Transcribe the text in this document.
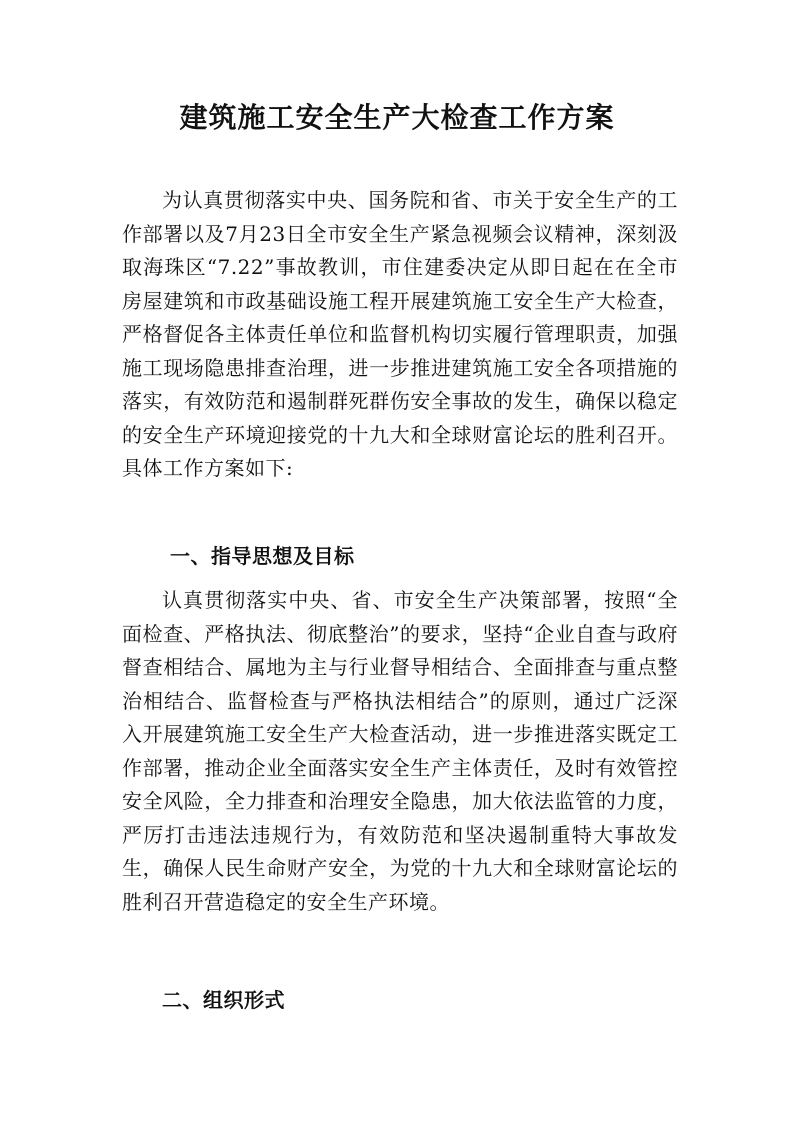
建筑施工安全生产大检查工作方案

为认真贯彻落实中央、国务院和省、市关于安全生产的工作部署以及7月23日全市安全生产紧急视频会议精神，深刻汲取海珠区“7.22”事故教训，市住建委决定从即日起在在全市房屋建筑和市政基础设施工程开展建筑施工安全生产大检查，严格督促各主体责任单位和监督机构切实履行管理职责，加强施工现场隐患排查治理，进一步推进建筑施工安全各项措施的落实，有效防范和遏制群死群伤安全事故的发生，确保以稳定的安全生产环境迎接党的十九大和全球财富论坛的胜利召开。具体工作方案如下:

一、指导思想及目标

认真贯彻落实中央、省、市安全生产决策部署，按照“全面检查、严格执法、彻底整治”的要求，坚持“企业自查与政府督查相结合、属地为主与行业督导相结合、全面排查与重点整治相结合、监督检查与严格执法相结合”的原则，通过广泛深入开展建筑施工安全生产大检查活动，进一步推进落实既定工作部署，推动企业全面落实安全生产主体责任，及时有效管控安全风险，全力排查和治理安全隐患，加大依法监管的力度，严厉打击违法违规行为，有效防范和坚决遏制重特大事故发生，确保人民生命财产安全，为党的十九大和全球财富论坛的胜利召开营造稳定的安全生产环境。

二、组织形式
